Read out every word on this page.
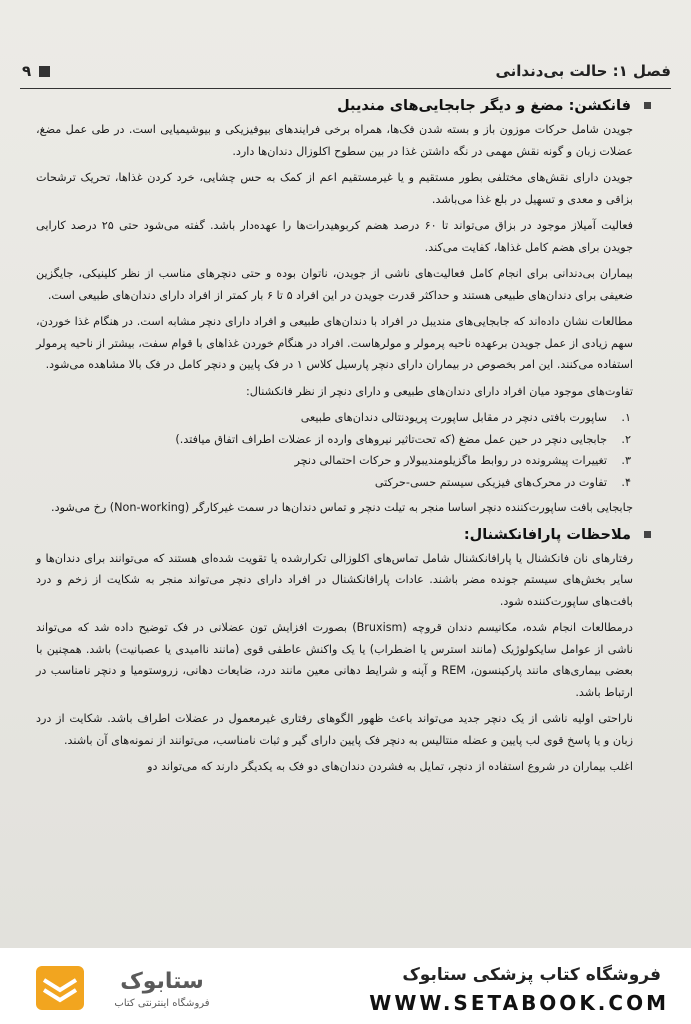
فصل ۱: حالت بی‌دندانی
۹
فانکشن: مضغ و دیگر جابجایی‌های مندیبل

جویدن شامل حرکات موزون باز و بسته شدن فک‌ها، همراه برخی فرایندهای بیوفیزیکی و بیوشیمیایی است. در طی عمل مضغ، عضلات زبان و گونه نقش مهمی در نگه داشتن غذا در بین سطوح اکلوزال دندان‌ها دارد.

جویدن دارای نقش‌های مختلفی بطور مستقیم و یا غیرمستقیم اعم از کمک به حس چشایی، خرد کردن غذاها، تحریک ترشحات بزاقی و معدی و تسهیل در بلع غذا می‌باشد.

فعالیت آمیلاز موجود در بزاق می‌تواند تا ۶۰ درصد هضم کربوهیدرات‌ها را عهده‌دار باشد. گفته می‌شود حتی ۲۵ درصد کارایی جویدن برای هضم کامل غذاها، کفایت می‌کند.

بیماران بی‌دندانی برای انجام کامل فعالیت‌های ناشی از جویدن، ناتوان بوده و حتی دنچرهای مناسب از نظر کلینیکی، جایگزین ضعیفی برای دندان‌های طبیعی هستند و حداکثر قدرت جویدن در این افراد ۵ تا ۶ بار کمتر از افراد دارای دندان‌های طبیعی است.

مطالعات نشان داده‌اند که جابجایی‌های مندیبل در افراد با دندان‌های طبیعی و افراد دارای دنچر مشابه است. در هنگام غذا خوردن، سهم زیادی از عمل جویدن برعهده ناحیه پرمولر و مولرهاست. افراد در هنگام خوردن غذاهای با قوام سفت، بیشتر از ناحیه پرمولر استفاده می‌کنند. این امر بخصوص در بیماران دارای دنچر پارسیل کلاس ۱ در فک پایین و دنچر کامل در فک بالا مشاهده می‌شود.

تفاوت‌های موجود میان افراد دارای دندان‌های طبیعی و دارای دنچر از نظر فانکشنال:

۱.
ساپورت بافتی دنچر در مقابل ساپورت پریودنتالی دندان‌های طبیعی
۲.
جابجایی دنچر در حین عمل مضغ (که تحت‌تاثیر نیروهای وارده از عضلات اطراف اتفاق میافتد.)
۳.
تغییرات پیشرونده در روابط ماگزیلومندیبولار و حرکات احتمالی دنچر
۴.
تفاوت در محرک‌های فیزیکی سیستم حسی-حرکتی

جابجایی بافت ساپورت‌کننده دنچر اساسا منجر به تیلت دنچر و تماس دندان‌ها در سمت غیرکارگر (Non-working) رخ می‌شود.

ملاحظات پارافانکشنال:

رفتارهای نان فانکشنال یا پارافانکشنال شامل تماس‌های اکلوزالی تکرارشده یا تقویت شده‌ای هستند که می‌توانند برای دندان‌ها و سایر بخش‌های سیستم جونده مضر باشند. عادات پارافانکشنال در افراد دارای دنچر می‌تواند منجر به شکایت از زخم و درد بافت‌های ساپورت‌کننده شود.

درمطالعات انجام شده، مکانیسم دندان قروچه (Bruxism) بصورت افزایش تون عضلانی در فک توضیح داده شد که می‌تواند ناشی از عوامل سایکولوژیک (مانند استرس یا اضطراب) یا یک واکنش عاطفی قوی (مانند ناامیدی یا عصبانیت) باشد. همچنین با بعضی بیماری‌های مانند پارکینسون، REM و آپنه و شرایط دهانی معین مانند درد، ضایعات دهانی، زروستومیا و دنچر نامناسب در ارتباط باشد.

ناراحتی اولیه ناشی از یک دنچر جدید می‌تواند باعث ظهور الگوهای رفتاری غیرمعمول در عضلات اطراف باشد. شکایت از درد زبان و یا پاسخ قوی لب پایین و عضله منتالیس به دنچر فک پایین دارای گیر و ثبات نامناسب، می‌توانند از نمونه‌های آن باشند.

اغلب بیماران در شروع استفاده از دنچر، تمایل به فشردن دندان‌های دو فک به یکدیگر دارند که می‌تواند دو

ستابوک
فروشگاه اینترنتی کتاب
فروشگاه کتاب پزشکی ستابوک
WWW.SETABOOK.COM
